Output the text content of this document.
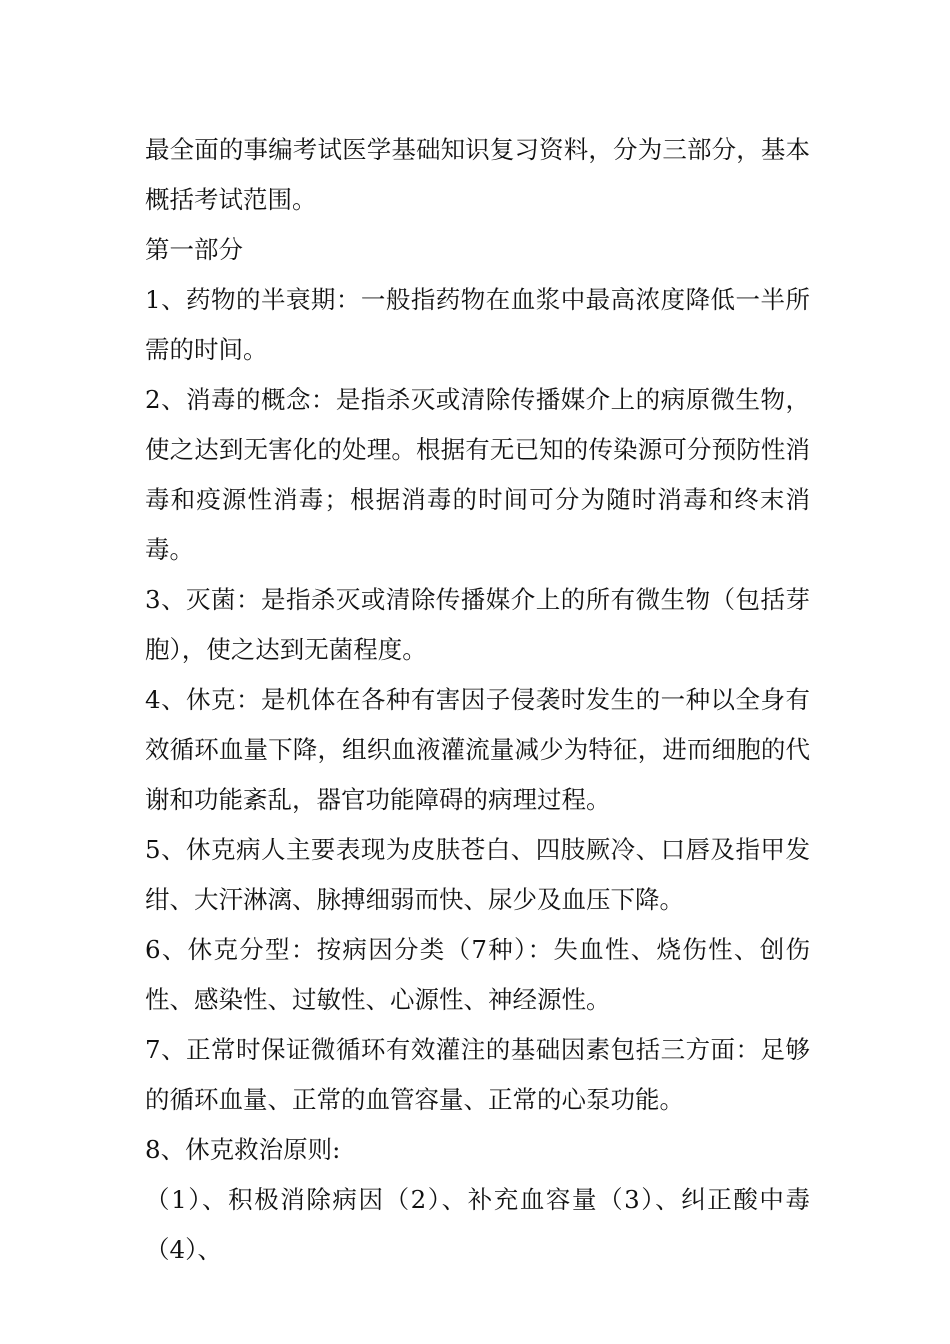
最全面的事编考试医学基础知识复习资料，分为三部分，基本概括考试范围。

第一部分

1、药物的半衰期：一般指药物在血浆中最高浓度降低一半所需的时间。

2、消毒的概念：是指杀灭或清除传播媒介上的病原微生物，使之达到无害化的处理。根据有无已知的传染源可分预防性消毒和疫源性消毒；根据消毒的时间可分为随时消毒和终末消毒。

3、灭菌：是指杀灭或清除传播媒介上的所有微生物（包括芽胞），使之达到无菌程度。

4、休克：是机体在各种有害因子侵袭时发生的一种以全身有效循环血量下降，组织血液灌流量减少为特征，进而细胞的代谢和功能紊乱，器官功能障碍的病理过程。

5、休克病人主要表现为皮肤苍白、四肢厥冷、口唇及指甲发绀、大汗淋漓、脉搏细弱而快、尿少及血压下降。

6、休克分型：按病因分类（7种）：失血性、烧伤性、创伤性、感染性、过敏性、心源性、神经源性。

7、正常时保证微循环有效灌注的基础因素包括三方面：足够的循环血量、正常的血管容量、正常的心泵功能。

8、休克救治原则:

（1）、积极消除病因（2）、补充血容量（3）、纠正酸中毒（4）、
